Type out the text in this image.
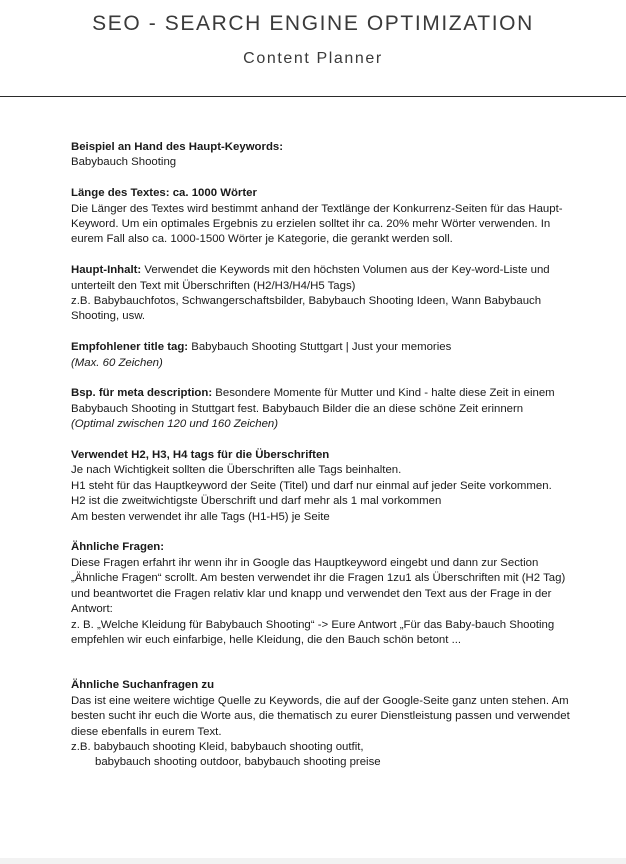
SEO - SEARCH ENGINE OPTIMIZATION
Content Planner

Beispiel an Hand des Haupt-Keywords:

Babybauch Shooting

Länge des Textes: ca. 1000 Wörter

Die Länger des Textes wird bestimmt anhand der Textlänge der Konkurrenz-Seiten für das Haupt-Keyword. Um ein optimales Ergebnis zu erzielen solltet ihr ca. 20% mehr Wörter verwenden. In eurem Fall also ca. 1000-1500 Wörter je Kategorie, die gerankt werden soll.

Haupt-Inhalt: Verwendet die Keywords mit den höchsten Volumen aus der Key-word-Liste und unterteilt den Text mit Überschriften (H2/H3/H4/H5 Tags)

z.B. Babybauchfotos, Schwangerschaftsbilder, Babybauch Shooting Ideen, Wann Babybauch Shooting, usw.

Empfohlener title tag: Babybauch Shooting Stuttgart | Just your memories

(Max. 60 Zeichen)

Bsp. für meta description: Besondere Momente für Mutter und Kind - halte diese Zeit in einem Babybauch Shooting in Stuttgart fest. Babybauch Bilder die an diese schöne Zeit erinnern

(Optimal zwischen 120 und 160 Zeichen)

Verwendet H2, H3, H4 tags für die Überschriften

Je nach Wichtigkeit sollten die Überschriften alle Tags beinhalten.

H1 steht für das Hauptkeyword der Seite (Titel) und darf nur einmal auf jeder Seite vorkommen.

H2 ist die zweitwichtigste Überschrift und darf mehr als 1 mal vorkommen

Am besten verwendet ihr alle Tags (H1-H5) je Seite

Ähnliche Fragen:

Diese Fragen erfahrt ihr wenn ihr in Google das Hauptkeyword eingebt und dann zur Section „Ähnliche Fragen“ scrollt. Am besten verwendet ihr die Fragen 1zu1 als Überschriften mit (H2 Tag) und beantwortet die Fragen relativ klar und knapp und verwendet den Text aus der Frage in der Antwort:

z. B. „Welche Kleidung für Babybauch Shooting“ -> Eure Antwort „Für das Baby-bauch Shooting empfehlen wir euch einfarbige, helle Kleidung, die den Bauch schön betont ...

Ähnliche Suchanfragen zu

Das ist eine weitere wichtige Quelle zu Keywords, die auf der Google-Seite ganz unten stehen. Am besten sucht ihr euch die Worte aus, die thematisch zu eurer Dienstleistung passen und verwendet diese ebenfalls in eurem Text.

z.B. babybauch shooting Kleid, babybauch shooting outfit,

babybauch shooting outdoor, babybauch shooting preise
